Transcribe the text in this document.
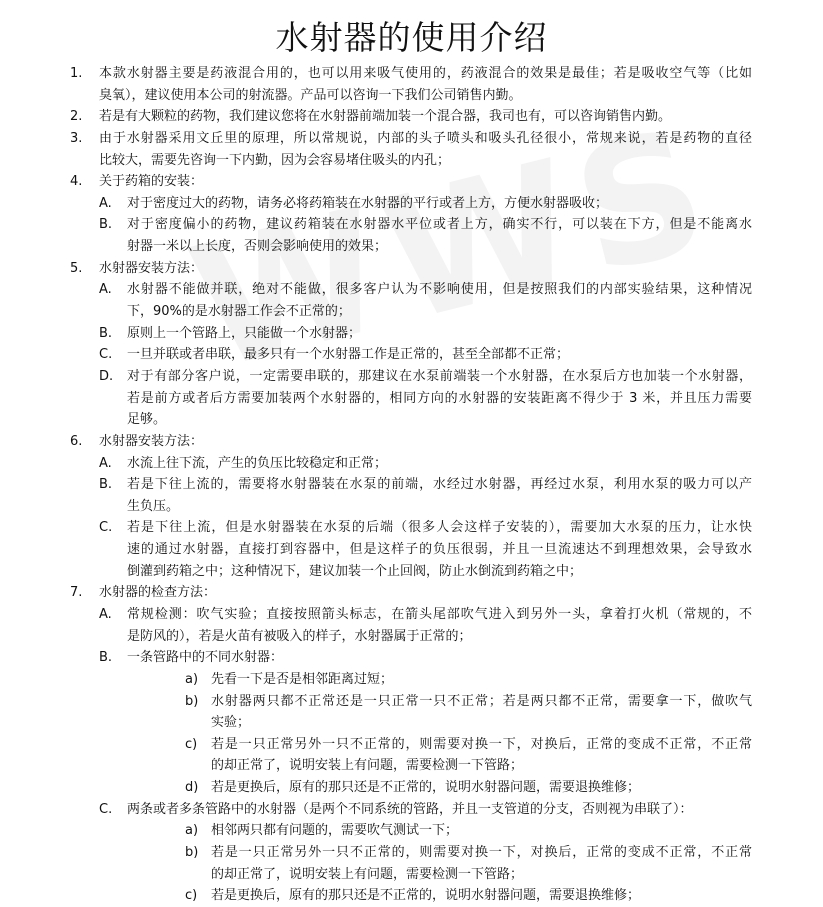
水射器的使用介绍
1.	本款水射器主要是药液混合用的，也可以用来吸气使用的，药液混合的效果是最佳；若是吸收空气等（比如
臭氧），建议使用本公司的射流器。产品可以咨询一下我们公司销售内勤。
2.	若是有大颗粒的药物，我们建议您将在水射器前端加装一个混合器，我司也有，可以咨询销售内勤。
3.	由于水射器采用文丘里的原理，所以常规说，内部的头子喷头和吸头孔径很小，常规来说，若是药物的直径
比较大，需要先咨询一下内勤，因为会容易堵住吸头的内孔；
4.	关于药箱的安装：
A.	对于密度过大的药物，请务必将药箱装在水射器的平行或者上方，方便水射器吸收；
B.	对于密度偏小的药物，建议药箱装在水射器水平位或者上方，确实不行，可以装在下方，但是不能离水
射器一米以上长度，否则会影响使用的效果；
5.	水射器安装方法：
A.	水射器不能做并联，绝对不能做，很多客户认为不影响使用，但是按照我们的内部实验结果，这种情况
下，90%的是水射器工作会不正常的；
B.	原则上一个管路上，只能做一个水射器；
C.	一旦并联或者串联，最多只有一个水射器工作是正常的，甚至全部都不正常；
D.	对于有部分客户说，一定需要串联的，那建议在水泵前端装一个水射器，在水泵后方也加装一个水射器，
若是前方或者后方需要加装两个水射器的，相同方向的水射器的安装距离不得少于 3 米，并且压力需要
足够。
6.	水射器安装方法：
A.	水流上往下流，产生的负压比较稳定和正常；
B.	若是下往上流的，需要将水射器装在水泵的前端，水经过水射器，再经过水泵，利用水泵的吸力可以产
生负压。
C.	若是下往上流，但是水射器装在水泵的后端（很多人会这样子安装的），需要加大水泵的压力，让水快
速的通过水射器，直接打到容器中，但是这样子的负压很弱，并且一旦流速达不到理想效果，会导致水
倒灌到药箱之中；这种情况下，建议加装一个止回阀，防止水倒流到药箱之中；
7.	水射器的检查方法：
A.	常规检测：吹气实验；直接按照箭头标志，在箭头尾部吹气进入到另外一头，拿着打火机（常规的，不
是防风的），若是火苗有被吸入的样子，水射器属于正常的；
B.	一条管路中的不同水射器：
a) 先看一下是否是相邻距离过短；
b) 水射器两只都不正常还是一只正常一只不正常；若是两只都不正常，需要拿一下，做吹气
实验；
c)	若是一只正常另外一只不正常的，则需要对换一下，对换后，正常的变成不正常，不正常
的却正常了，说明安装上有问题，需要检测一下管路；
d) 若是更换后，原有的那只还是不正常的，说明水射器问题，需要退换维修；
C.	两条或者多条管路中的水射器（是两个不同系统的管路，并且一支管道的分支，否则视为串联了）：
a) 相邻两只都有问题的，需要吹气测试一下；
b) 若是一只正常另外一只不正常的，则需要对换一下，对换后，正常的变成不正常，不正常
的却正常了，说明安装上有问题，需要检测一下管路；
c)	若是更换后，原有的那只还是不正常的，说明水射器问题，需要退换维修；
